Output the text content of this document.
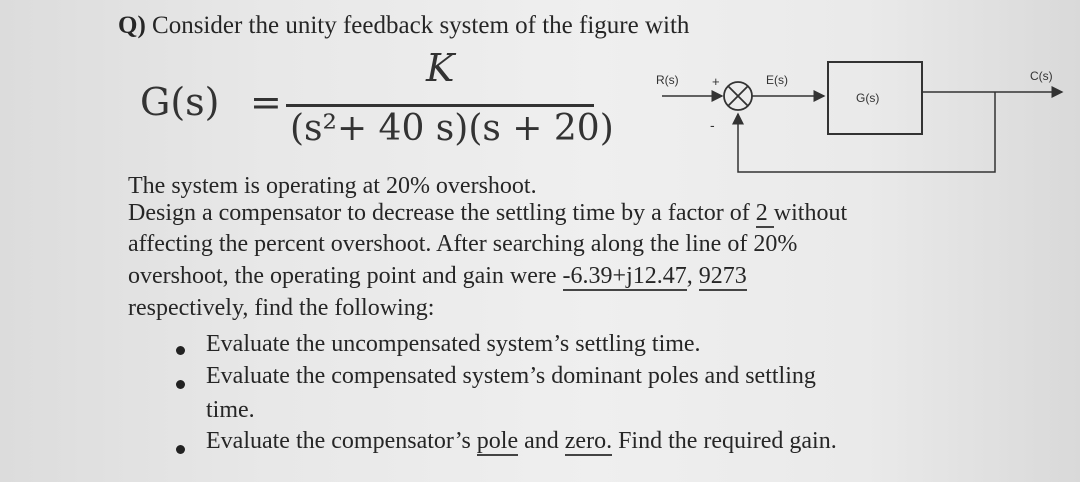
Q) Consider the unity feedback system of the figure with
G(s) =
K
(s²+ 40 s)(s + 20)
R(s)	+
-
E(s)
G(s)
C(s)
The system is operating at 20% overshoot.
Design a compensator to decrease the settling time by a factor of 2 without
affecting the percent overshoot. After searching along the line of 20%
overshoot, the operating point and gain were -6.39+j12.47, 9273
respectively, find the following:
Evaluate the uncompensated system’s settling time.
Evaluate the compensated system’s dominant poles and settling
time.
Evaluate the compensator’s pole and zero. Find the required gain.
